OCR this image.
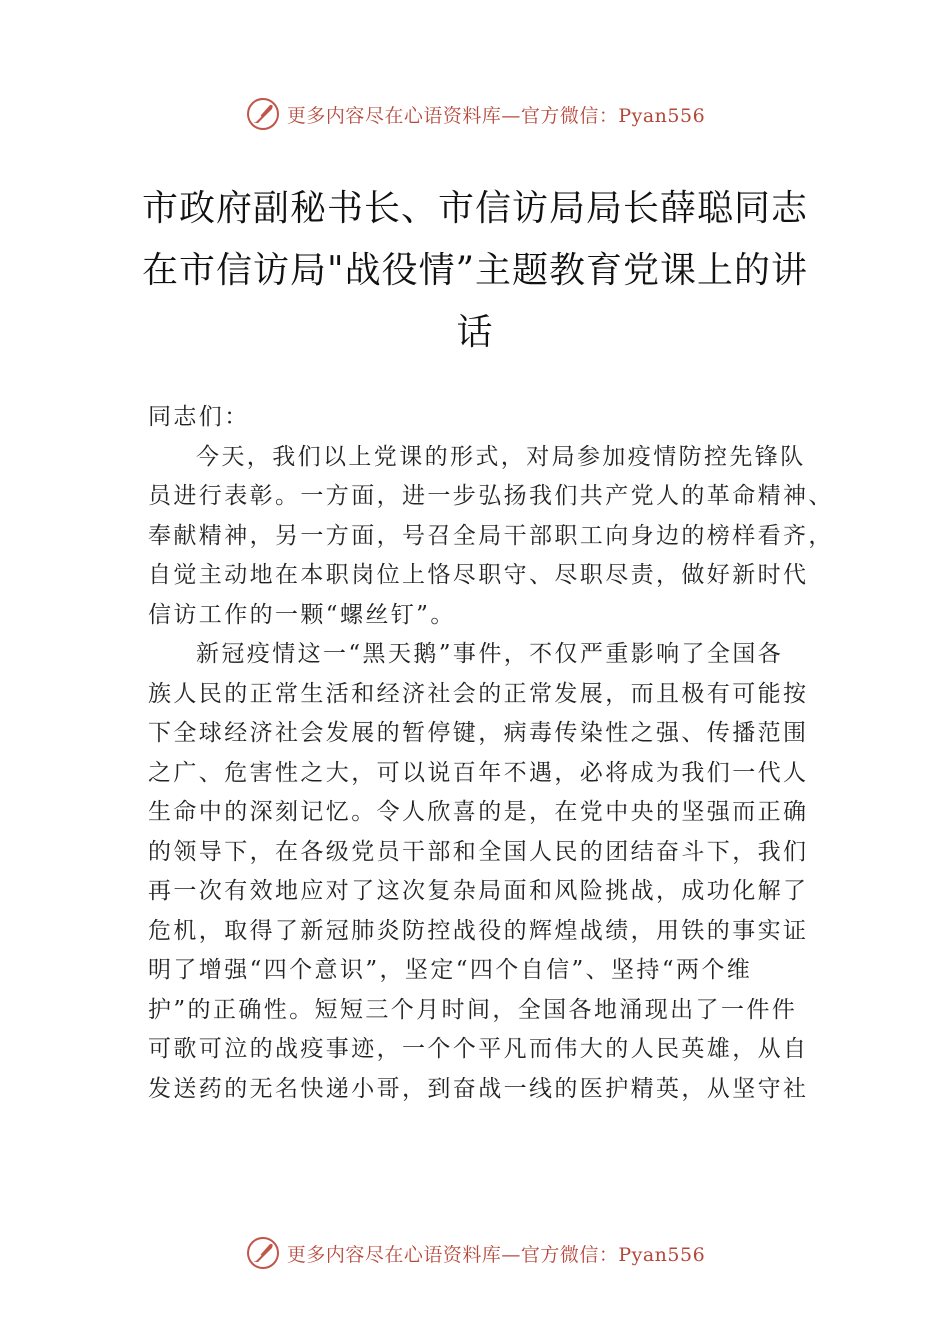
更多内容尽在心语资料库—官方微信：Pyan556
市政府副秘书长、市信访局局长薛聪同志
在市信访局"战役情”主题教育党课上的讲
话
同志们：
今天，我们以上党课的形式，对局参加疫情防控先锋队
员进行表彰。一方面，进一步弘扬我们共产党人的革命精神、
奉献精神，另一方面，号召全局干部职工向身边的榜样看齐，
自觉主动地在本职岗位上恪尽职守、尽职尽责，做好新时代
信访工作的一颗“螺丝钉”。
新冠疫情这一“黑天鹅”事件，不仅严重影响了全国各
族人民的正常生活和经济社会的正常发展，而且极有可能按
下全球经济社会发展的暂停键，病毒传染性之强、传播范围
之广、危害性之大，可以说百年不遇，必将成为我们一代人
生命中的深刻记忆。令人欣喜的是，在党中央的坚强而正确
的领导下，在各级党员干部和全国人民的团结奋斗下，我们
再一次有效地应对了这次复杂局面和风险挑战，成功化解了
危机，取得了新冠肺炎防控战役的辉煌战绩，用铁的事实证
明了增强“四个意识”，坚定“四个自信”、坚持“两个维
护”的正确性。短短三个月时间，全国各地涌现出了一件件
可歌可泣的战疫事迹，一个个平凡而伟大的人民英雄，从自
发送药的无名快递小哥，到奋战一线的医护精英，从坚守社
更多内容尽在心语资料库—官方微信：Pyan556
